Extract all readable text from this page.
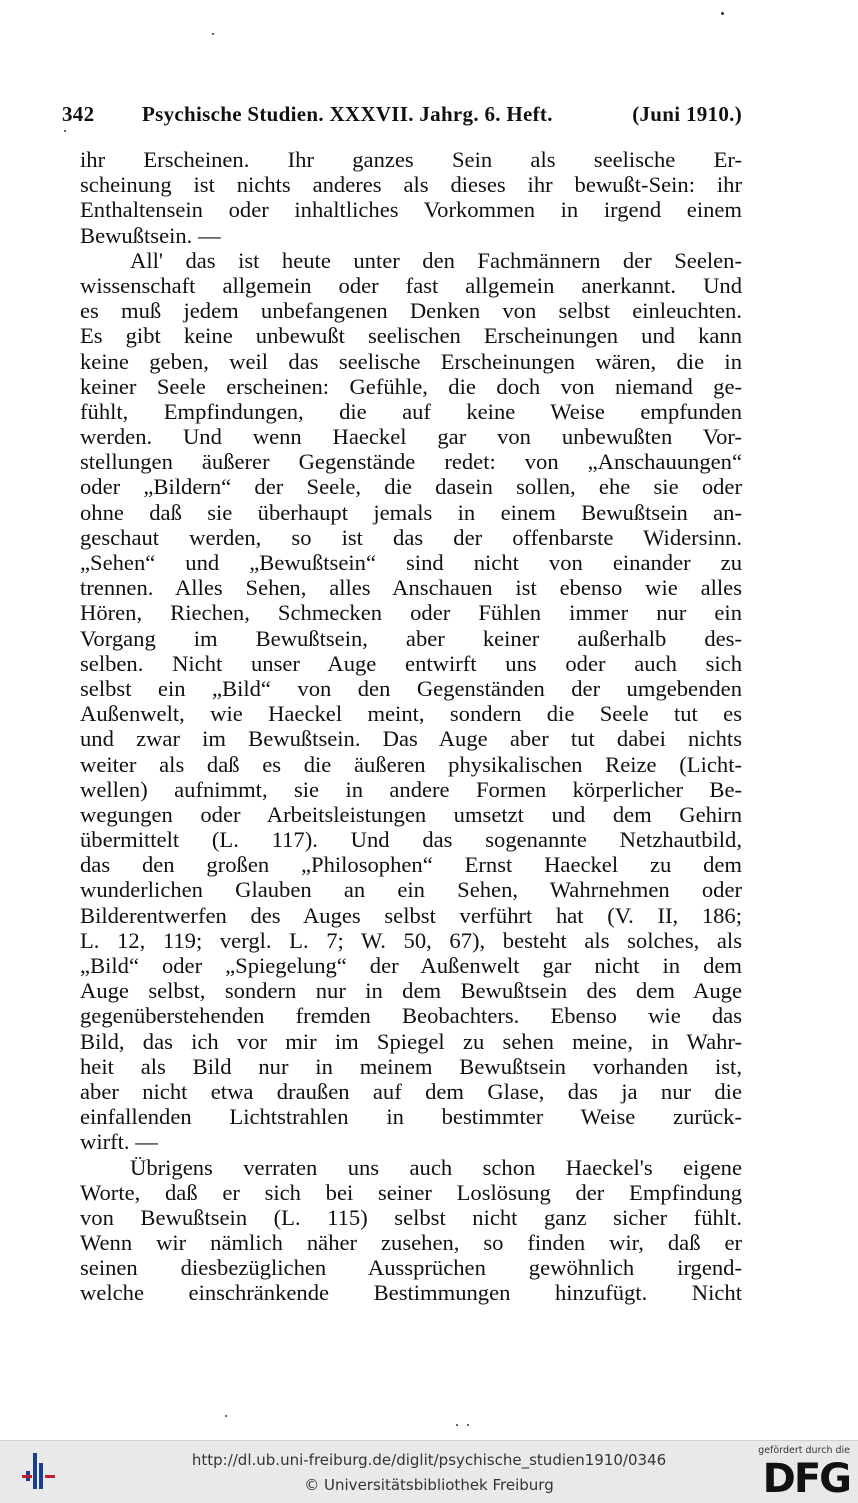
342 Psychische Studien. XXXVII. Jahrg. 6. Heft.	(Juni 1910.)
ihr Erscheinen. Ihr ganzes Sein als seelische Er-
scheinung ist nichts anderes als dieses ihr bewußt-Sein: ihr
Enthaltensein oder inhaltliches Vorkommen in irgend einem
Bewußtsein. —
All' das ist heute unter den Fachmännern der Seelen-
wissenschaft allgemein oder fast allgemein anerkannt. Und
es muß jedem unbefangenen Denken von selbst einleuchten.
Es gibt keine unbewußt seelischen Erscheinungen und kann
keine geben, weil das seelische Erscheinungen wären, die in
keiner Seele erscheinen: Gefühle, die doch von niemand ge-
fühlt, Empfindungen, die auf keine Weise empfunden
werden. Und wenn Haeckel gar von unbewußten Vor-
stellungen äußerer Gegenstände redet: von „Anschauungen“
oder „Bildern“ der Seele, die dasein sollen, ehe sie oder
ohne daß sie überhaupt jemals in einem Bewußtsein an-
geschaut werden, so ist das der offenbarste Widersinn.
„Sehen“ und „Bewußtsein“ sind nicht von einander zu
trennen. Alles Sehen, alles Anschauen ist ebenso wie alles
Hören, Riechen, Schmecken oder Fühlen immer nur ein
Vorgang im Bewußtsein, aber keiner außerhalb des-
selben. Nicht unser Auge entwirft uns oder auch sich
selbst ein „Bild“ von den Gegenständen der umgebenden
Außenwelt, wie Haeckel meint, sondern die Seele tut es
und zwar im Bewußtsein. Das Auge aber tut dabei nichts
weiter als daß es die äußeren physikalischen Reize (Licht-
wellen) aufnimmt, sie in andere Formen körperlicher Be-
wegungen oder Arbeitsleistungen umsetzt und dem Gehirn
übermittelt (L. 117). Und das sogenannte Netzhautbild,
das den großen „Philosophen“ Ernst Haeckel zu dem
wunderlichen Glauben an ein Sehen, Wahrnehmen oder
Bilderentwerfen des Auges selbst verführt hat (V. II, 186;
L. 12, 119; vergl. L. 7; W. 50, 67), besteht als solches, als
„Bild“ oder „Spiegelung“ der Außenwelt gar nicht in dem
Auge selbst, sondern nur in dem Bewußtsein des dem Auge
gegenüberstehenden fremden Beobachters. Ebenso wie das
Bild, das ich vor mir im Spiegel zu sehen meine, in Wahr-
heit als Bild nur in meinem Bewußtsein vorhanden ist,
aber nicht etwa draußen auf dem Glase, das ja nur die
einfallenden Lichtstrahlen in bestimmter Weise zurück-
wirft. —
Übrigens verraten uns auch schon Haeckel's eigene
Worte, daß er sich bei seiner Loslösung der Empfindung
von Bewußtsein (L. 115) selbst nicht ganz sicher fühlt.
Wenn wir nämlich näher zusehen, so finden wir, daß er
seinen diesbezüglichen Aussprüchen gewöhnlich irgend-
welche einschränkende Bestimmungen hinzufügt. Nicht
http://dl.ub.uni-freiburg.de/diglit/psychische_studien1910/0346
© Universitätsbibliothek Freiburg
gefördert durch die
DFG
